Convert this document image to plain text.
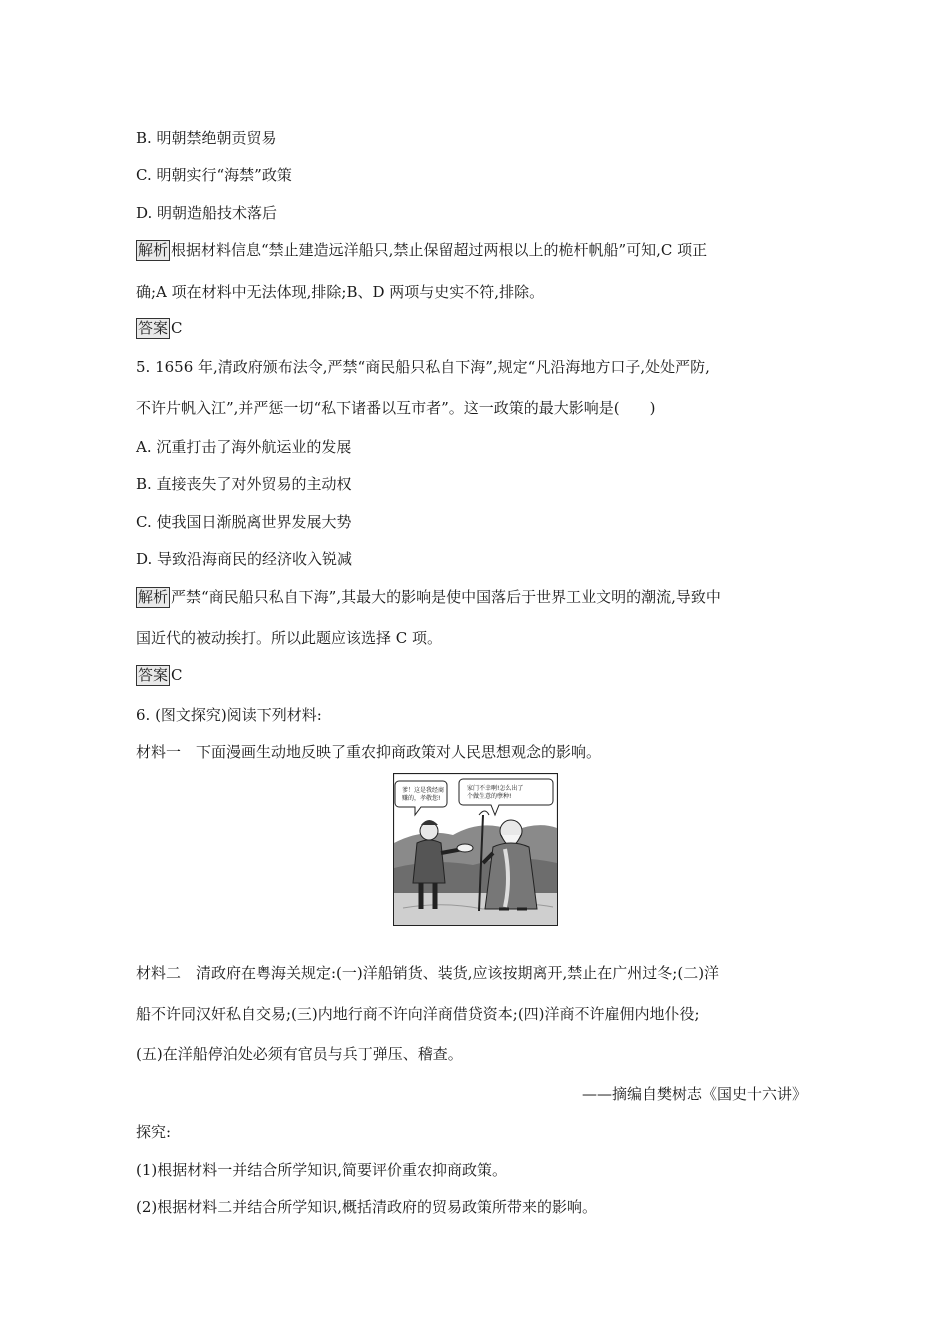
B. 明朝禁绝朝贡贸易
C. 明朝实行“海禁”政策
D. 明朝造船技术落后
解析 根据材料信息“禁止建造远洋船只,禁止保留超过两根以上的桅杆帆船”可知,C 项正
确;A 项在材料中无法体现,排除;B、D 两项与史实不符,排除。
答案 C
5. 1656 年,清政府颁布法令,严禁“商民船只私自下海”,规定“凡沿海地方口子,处处严防,
不许片帆入江”,并严惩一切“私下诸番以互市者”。这一政策的最大影响是(　　)
A. 沉重打击了海外航运业的发展
B. 直接丧失了对外贸易的主动权
C. 使我国日渐脱离世界发展大势
D. 导致沿海商民的经济收入锐减
解析 严禁“商民船只私自下海”,其最大的影响是使中国落后于世界工业文明的潮流,导致中
国近代的被动挨打。所以此题应该选择 C 项。
答案 C
6. (图文探究)阅读下列材料:
材料一　下面漫画生动地反映了重农抑商政策对人民思想观念的影响。
爹！这是我经商 赚的，孝敬您!
家门不幸啊!怎么出了 个做生意的孽种!
材料二　清政府在粤海关规定:(一)洋船销货、装货,应该按期离开,禁止在广州过冬;(二)洋
船不许同汉奸私自交易;(三)内地行商不许向洋商借贷资本;(四)洋商不许雇佣内地仆役;
(五)在洋船停泊处必须有官员与兵丁弹压、稽查。
——摘编自樊树志《国史十六讲》
探究:
(1)根据材料一并结合所学知识,简要评价重农抑商政策。
(2)根据材料二并结合所学知识,概括清政府的贸易政策所带来的影响。
